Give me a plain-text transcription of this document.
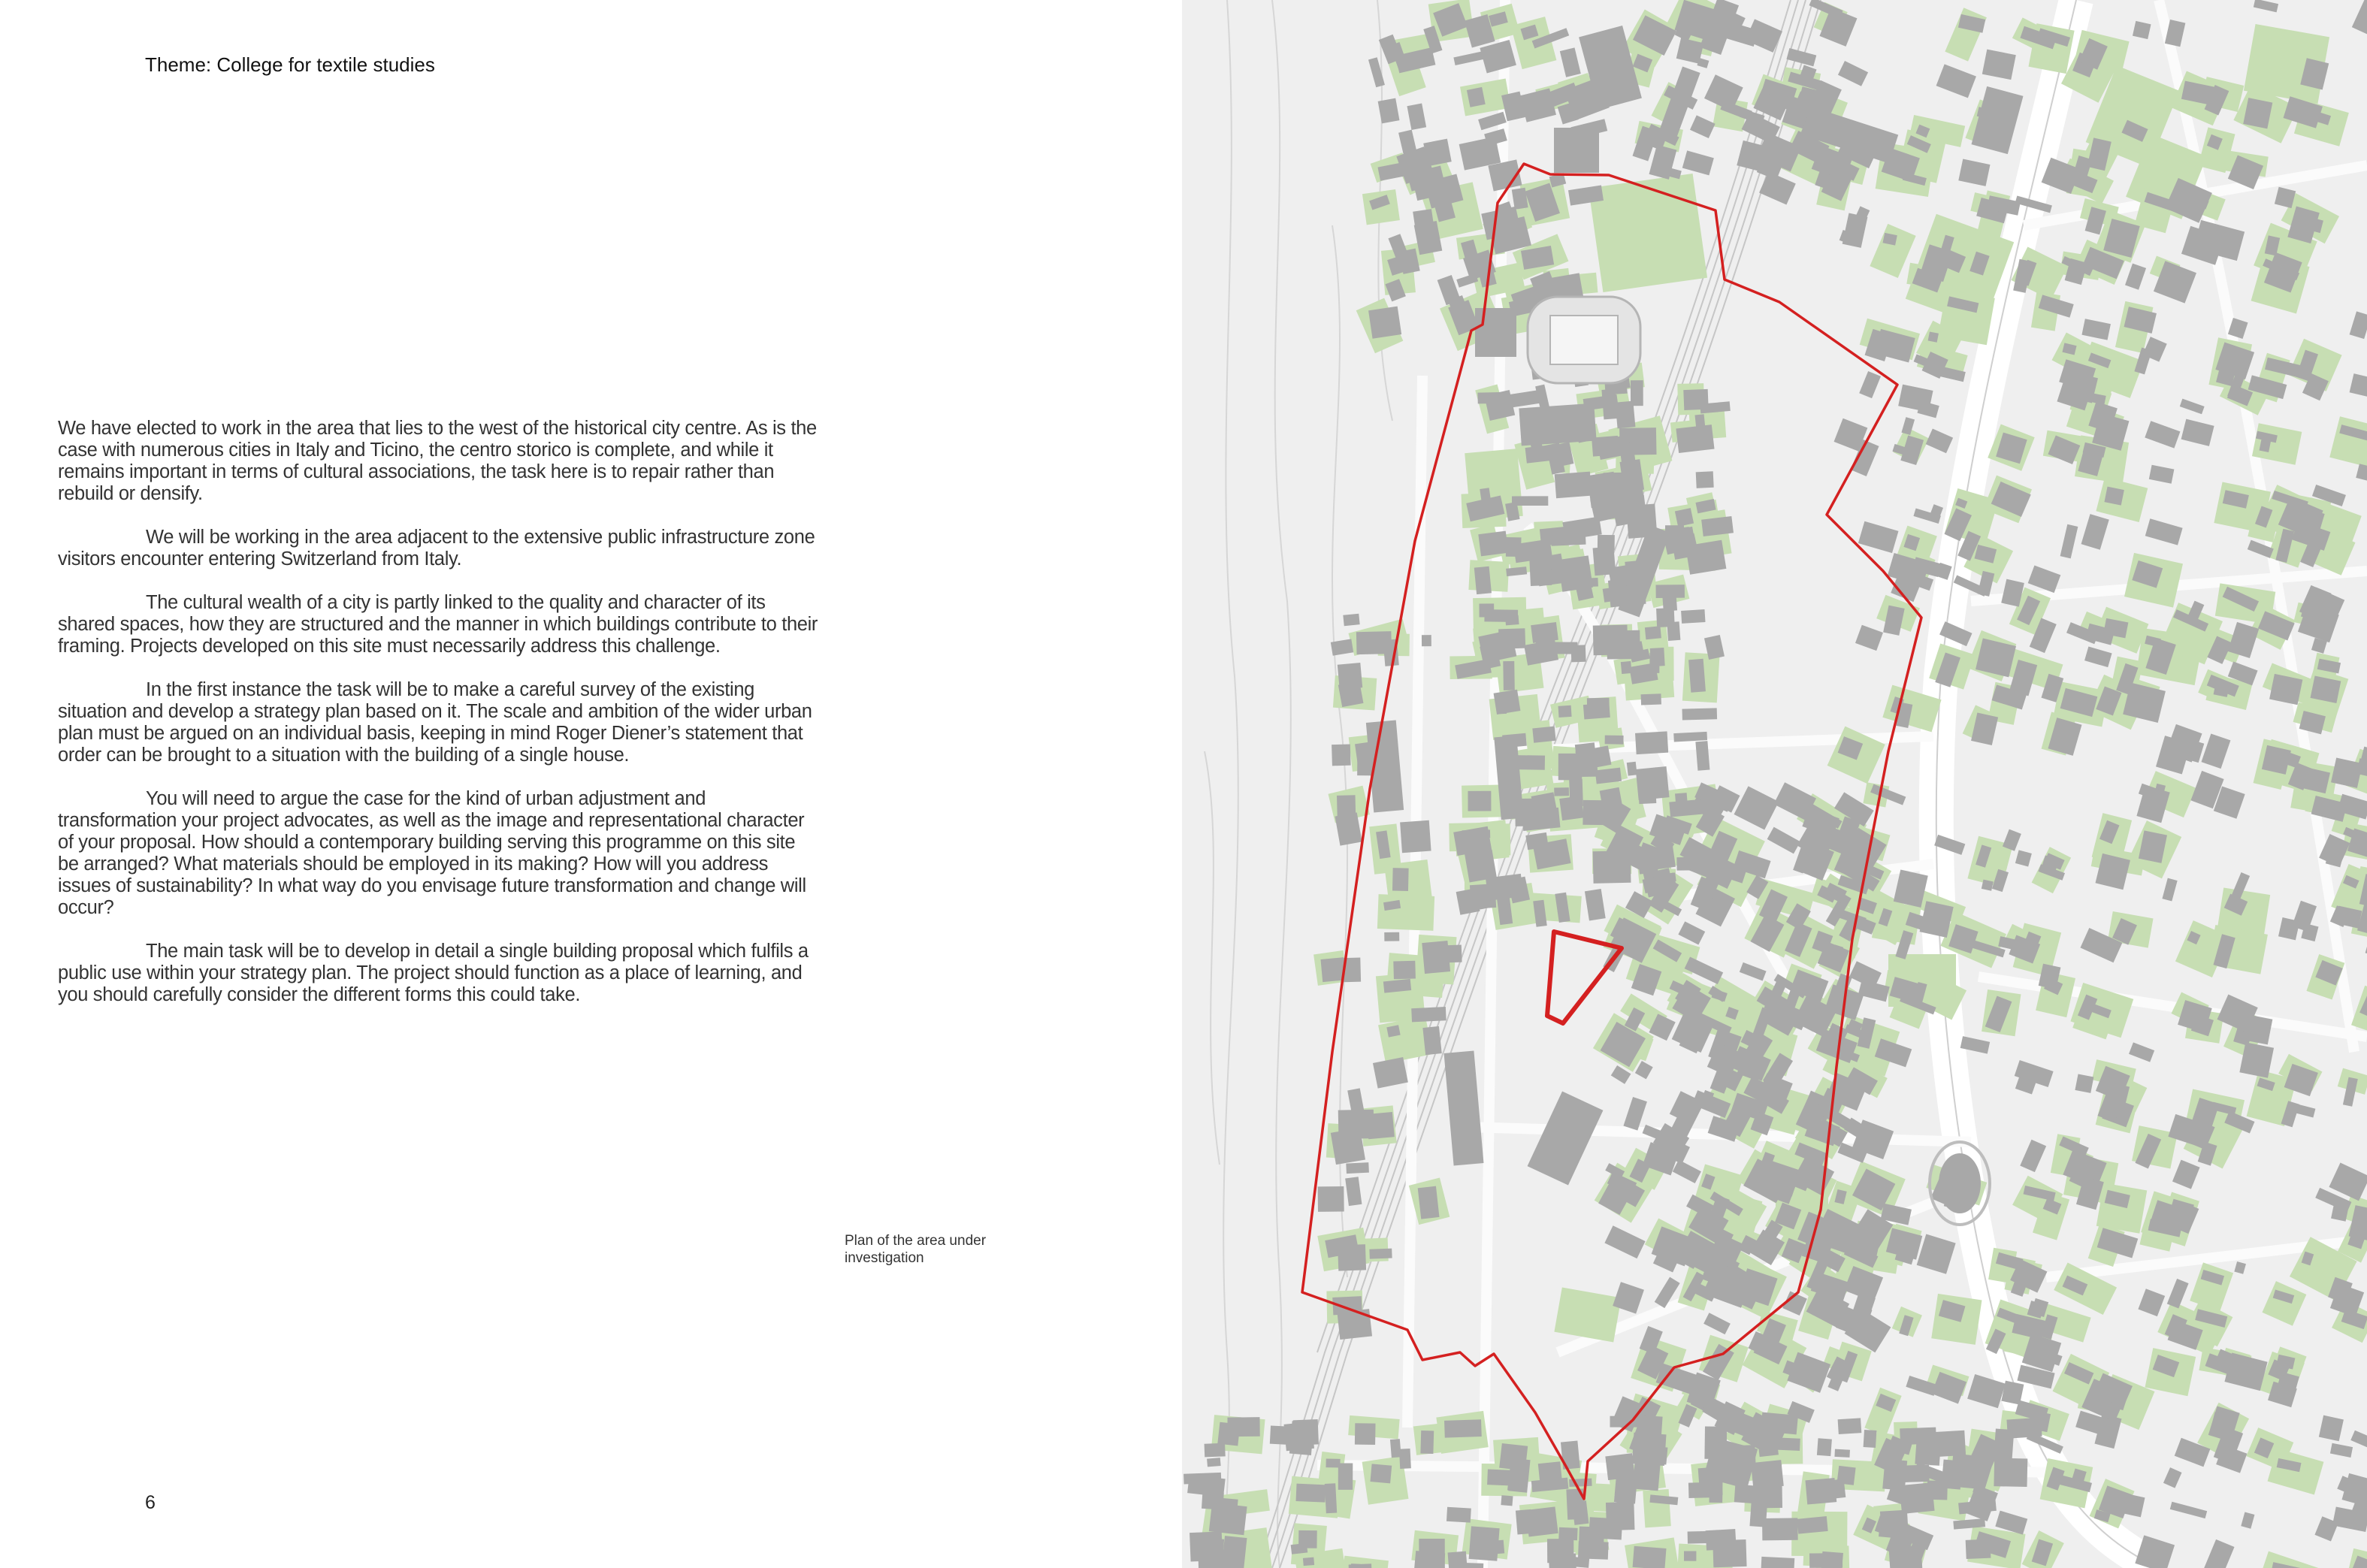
Theme: College for textile studies

We have elected to work in the area that lies to the west of the historical city centre. As is the case with numerous cities in Italy and Ticino, the centro storico is complete, and while it remains important in terms of cultural associations, the task here is to repair rather than rebuild or densify.

We will be working in the area adjacent to the extensive public infrastructure zone visitors encounter entering Switzerland from Italy.

The cultural wealth of a city is partly linked to the quality and character of its shared spaces, how they are structured and the manner in which buildings contribute to their framing. Projects developed on this site must necessarily address this challenge.

In the first instance the task will be to make a careful survey of the existing situation and develop a strategy plan based on it. The scale and ambition of the wider urban plan must be argued on an individual basis, keeping in mind Roger Diener’s statement that order can be brought to a situation with the building of a single house.

You will need to argue the case for the kind of urban adjustment and transformation your project advocates, as well as the image and representational character of your proposal. How should a contemporary building serving this programme on this site be arranged? What materials should be employed in its making? How will you address issues of sustainability? In what way do you envisage future transformation and change will occur?

The main task will be to develop in detail a single building proposal which fulfils a public use within your strategy plan. The project should function as a place of learning, and you should carefully consider the different forms this could take.

Plan of the area under investigation
6
